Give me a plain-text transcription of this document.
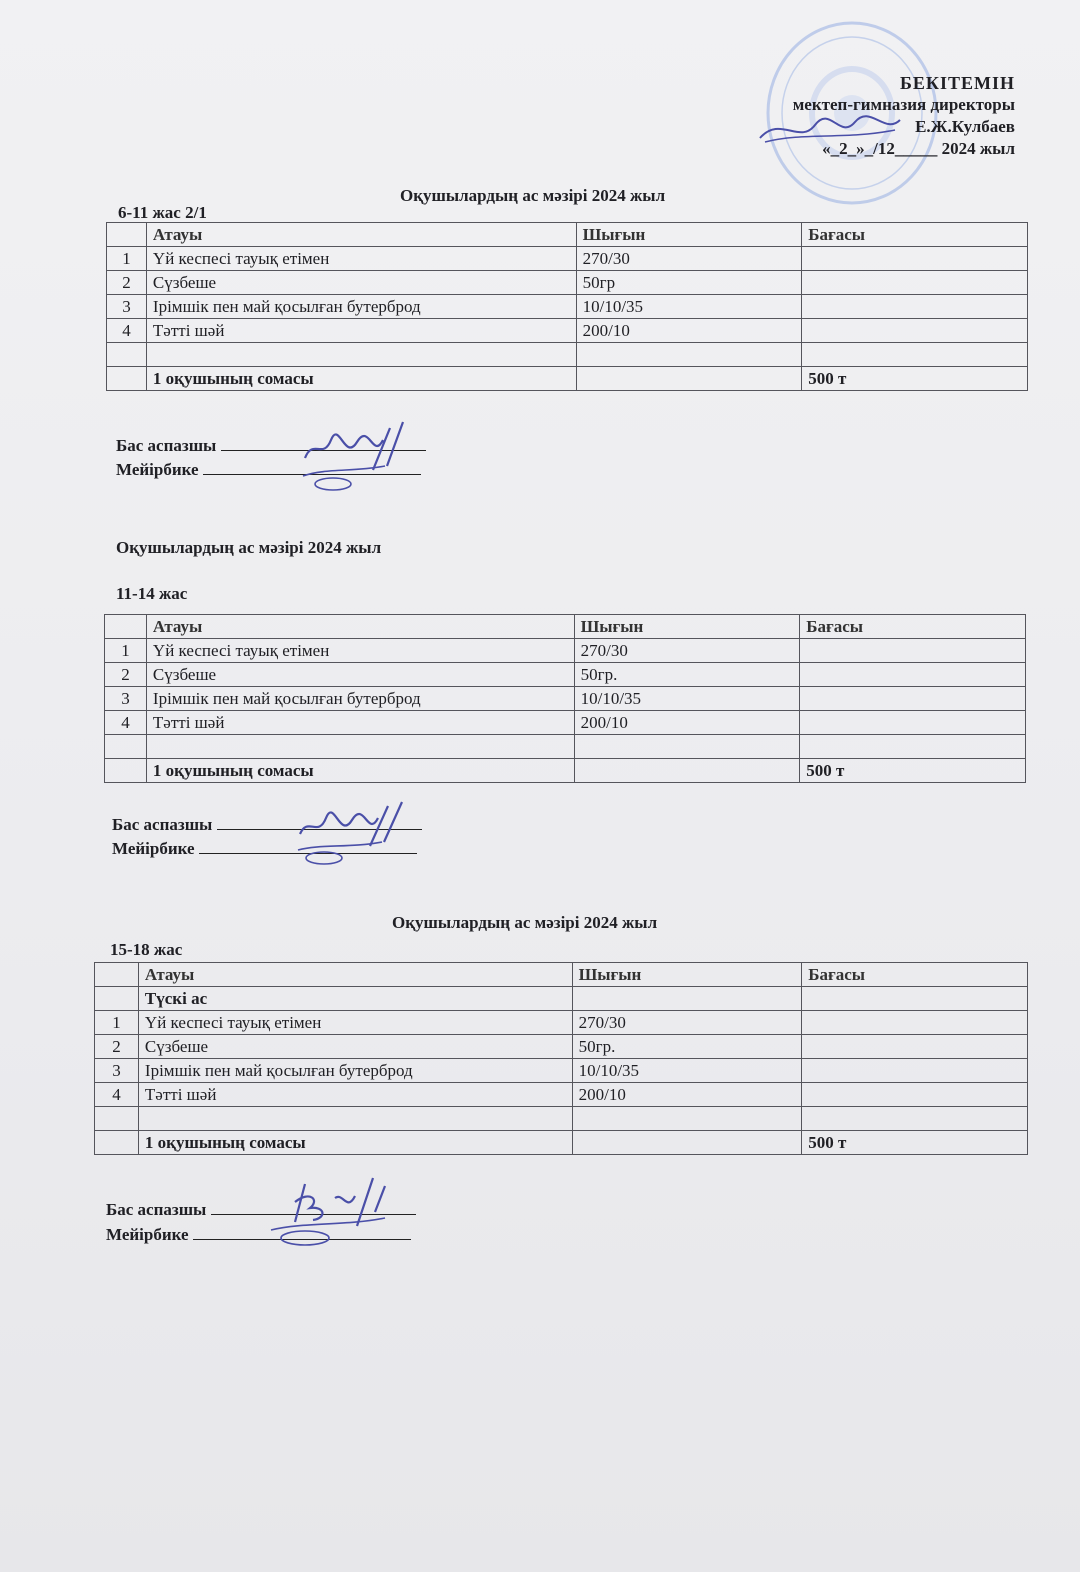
БЕКІТЕМІН
мектеп-гимназия директоры
Е.Ж.Кулбаев
«_2_»_/12_____ 2024 жыл
Оқушылардың ас мәзірі 2024 жыл
6-11 жас 2/1
	Атауы	Шығын	Бағасы
1	Үй кеспесі тауық етімен	270/30	
2	Сүзбеше	50гр	
3	Ірімшік пен май қосылған бутерброд	10/10/35	
4	Тәтті шәй	200/10	

	1 оқушының сомасы		500 т
Бас аспазшы
Мейірбике
Оқушылардың ас мәзірі 2024 жыл
11-14 жас
	Атауы	Шығын	Бағасы
1	Үй кеспесі тауық етімен	270/30	
2	Сүзбеше	50гр.	
3	Ірімшік пен май қосылған бутерброд	10/10/35	
4	Тәтті шәй	200/10	

	1 оқушының сомасы		500 т
Бас аспазшы
Мейірбике
Оқушылардың ас мәзірі 2024 жыл
15-18 жас
	Атауы	Шығын	Бағасы
	Түскі ас		
1	Үй кеспесі тауық етімен	270/30	
2	Сүзбеше	50гр.	
3	Ірімшік пен май қосылған бутерброд	10/10/35	
4	Тәтті шәй	200/10	

	1 оқушының сомасы		500 т
Бас аспазшы
Мейірбике
